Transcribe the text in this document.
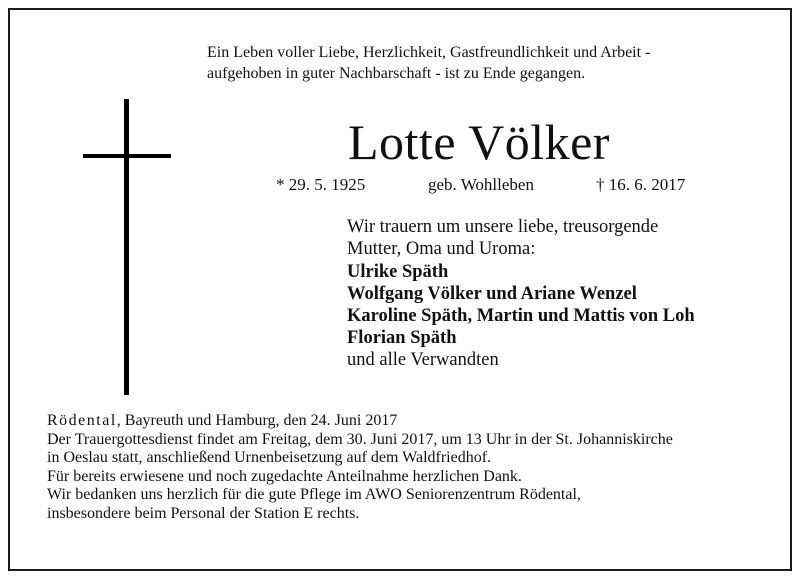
Ein Leben voller Liebe, Herzlichkeit, Gastfreundlichkeit und Arbeit -
aufgehoben in guter Nachbarschaft - ist zu Ende gegangen.
Lotte Völker
* 29. 5. 1925	geb. Wohlleben	† 16. 6. 2017
Wir trauern um unsere liebe, treusorgende
Mutter, Oma und Uroma:
Ulrike Späth
Wolfgang Völker und Ariane Wenzel
Karoline Späth, Martin und Mattis von Loh
Florian Späth
und alle Verwandten
Rödental, Bayreuth und Hamburg, den 24. Juni 2017
Der Trauergottesdienst findet am Freitag, dem 30. Juni 2017, um 13 Uhr in der St. Johanniskirche
in Oeslau statt, anschließend Urnenbeisetzung auf dem Waldfriedhof.
Für bereits erwiesene und noch zugedachte Anteilnahme herzlichen Dank.
Wir bedanken uns herzlich für die gute Pflege im AWO Seniorenzentrum Rödental,
insbesondere beim Personal der Station E rechts.
